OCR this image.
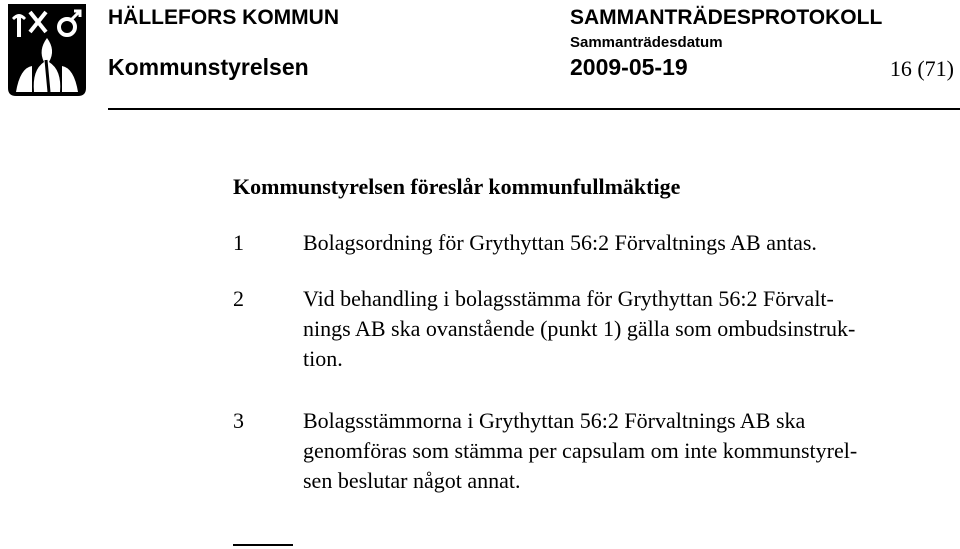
HÄLLEFORS KOMMUN
Kommunstyrelsen
SAMMANTRÄDESPROTOKOLL
Sammanträdesdatum
2009-05-19	16 (71)
Kommunstyrelsen föreslår kommunfullmäktige
1	Bolagsordning för Grythyttan 56:2 Förvaltnings AB antas.
2	Vid behandling i bolagsstämma för Grythyttan 56:2 Förvalt-
nings AB ska ovanstående (punkt 1) gälla som ombudsinstruk-
tion.
3	Bolagsstämmorna i Grythyttan 56:2 Förvaltnings AB ska
genomföras som stämma per capsulam om inte kommunstyrel-
sen beslutar något annat.
